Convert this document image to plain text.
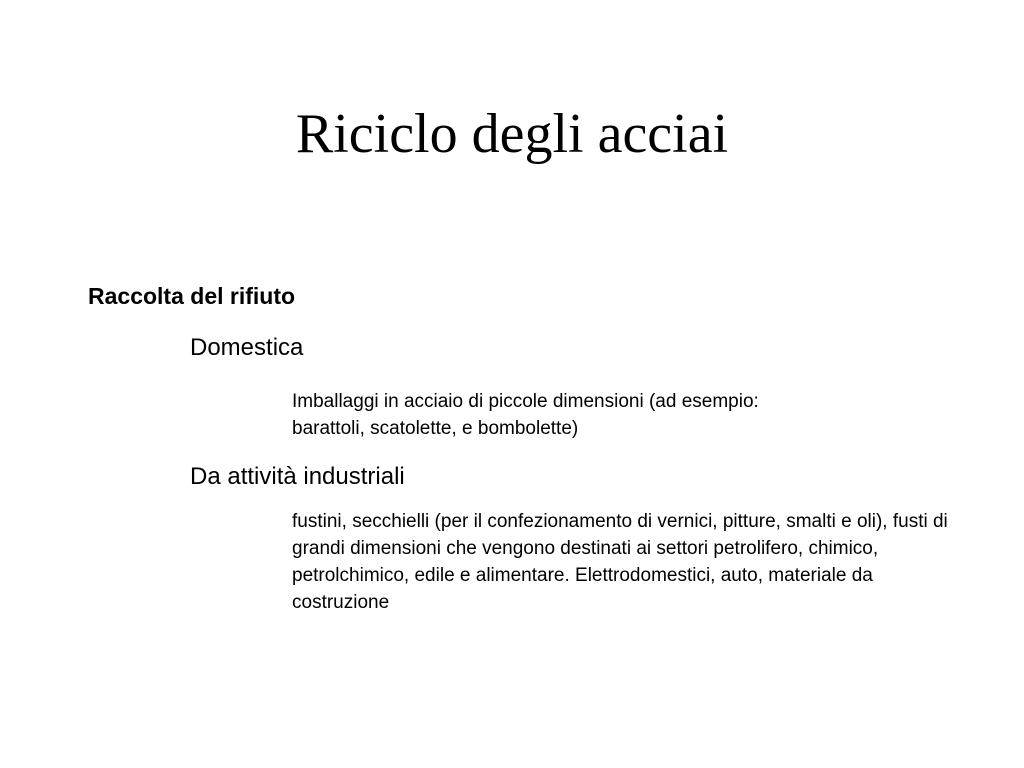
Riciclo degli acciai

Raccolta del rifiuto

Domestica

Imballaggi in acciaio di piccole dimensioni (ad esempio: barattoli, scatolette, e bombolette)

Da attività industriali

fustini, secchielli (per il confezionamento di vernici, pitture, smalti e oli), fusti di grandi dimensioni che vengono destinati ai settori petrolifero, chimico, petrolchimico, edile e alimentare. Elettrodomestici, auto, materiale da costruzione
